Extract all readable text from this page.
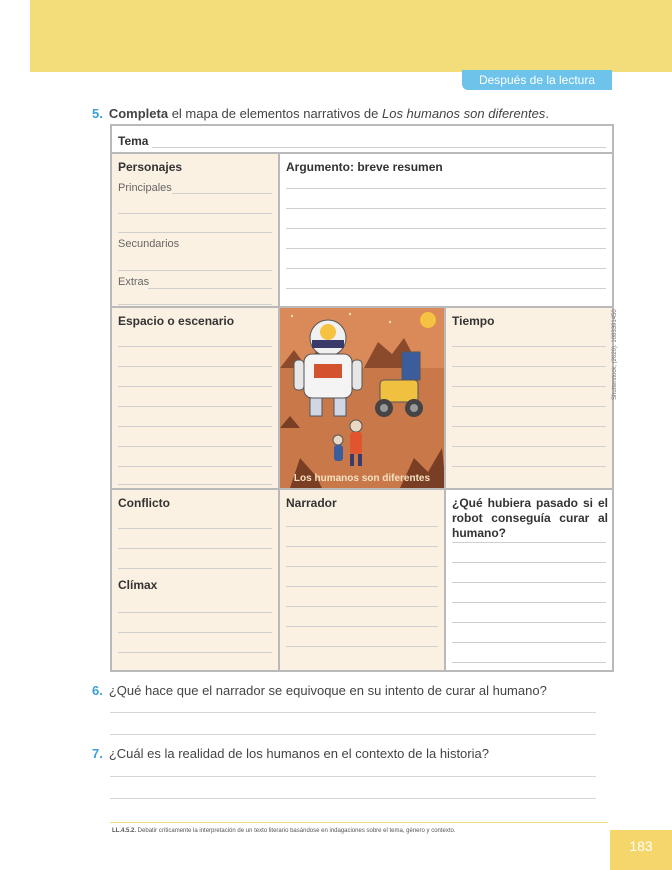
Después de la lectura
5. Completa el mapa de elementos narrativos de Los humanos son diferentes.
Tema
Personajes
Principales
Secundarios
Extras
Argumento: breve resumen
Espacio o escenario
Los humanos son diferentes
Tiempo
Conflicto
Clímax
Narrador	¿Qué hubiera pasado si el robot conseguía curar al humano?
Shutterstock, (2020). 1083391450
6. ¿Qué hace que el narrador se equivoque en su intento de curar al humano?
7. ¿Cuál es la realidad de los humanos en el contexto de la historia?
LL.4.5.2. Debatir críticamente la interpretación de un texto literario basándose en indagaciones sobre el tema, género y contexto.
183
